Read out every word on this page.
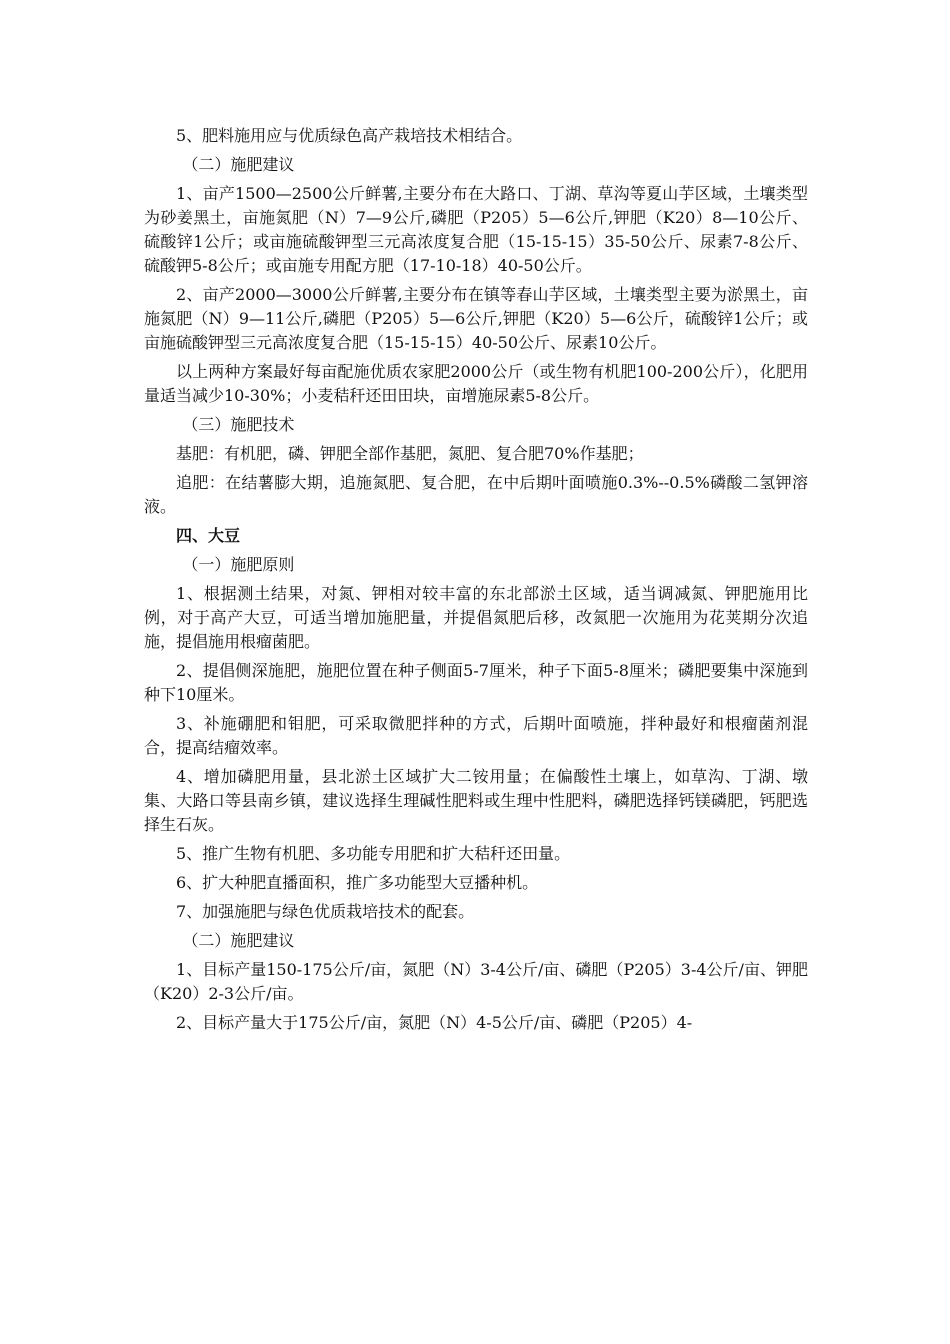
5、肥料施用应与优质绿色高产栽培技术相结合。

（二）施肥建议

1、亩产1500—2500公斤鲜薯,主要分布在大路口、丁湖、草沟等夏山芋区域，土壤类型为砂姜黑土，亩施氮肥（N）7—9公斤,磷肥（P205）5—6公斤,钾肥（K20）8—10公斤、硫酸锌1公斤；或亩施硫酸钾型三元高浓度复合肥（15-15-15）35-50公斤、尿素7-8公斤、硫酸钾5-8公斤；或亩施专用配方肥（17-10-18）40-50公斤。

2、亩产2000—3000公斤鲜薯,主要分布在镇等春山芋区域，土壤类型主要为淤黑土，亩施氮肥（N）9—11公斤,磷肥（P205）5—6公斤,钾肥（K20）5—6公斤，硫酸锌1公斤；或亩施硫酸钾型三元高浓度复合肥（15-15-15）40-50公斤、尿素10公斤。

以上两种方案最好每亩配施优质农家肥2000公斤（或生物有机肥100-200公斤），化肥用量适当减少10-30%；小麦秸秆还田田块，亩增施尿素5-8公斤。

（三）施肥技术

基肥：有机肥，磷、钾肥全部作基肥，氮肥、复合肥70%作基肥；

追肥：在结薯膨大期，追施氮肥、复合肥，在中后期叶面喷施0.3%--0.5%磷酸二氢钾溶液。

四、大豆

（一）施肥原则

1、根据测土结果，对氮、钾相对较丰富的东北部淤土区域，适当调减氮、钾肥施用比例，对于高产大豆，可适当增加施肥量，并提倡氮肥后移，改氮肥一次施用为花荚期分次追施，提倡施用根瘤菌肥。

2、提倡侧深施肥，施肥位置在种子侧面5-7厘米，种子下面5-8厘米；磷肥要集中深施到种下10厘米。

3、补施硼肥和钼肥，可采取微肥拌种的方式，后期叶面喷施，拌种最好和根瘤菌剂混合，提高结瘤效率。

4、增加磷肥用量，县北淤土区域扩大二铵用量；在偏酸性土壤上，如草沟、丁湖、墩集、大路口等县南乡镇，建议选择生理碱性肥料或生理中性肥料，磷肥选择钙镁磷肥，钙肥选择生石灰。

5、推广生物有机肥、多功能专用肥和扩大秸秆还田量。

6、扩大种肥直播面积，推广多功能型大豆播种机。

7、加强施肥与绿色优质栽培技术的配套。

（二）施肥建议

1、目标产量150-175公斤/亩，氮肥（N）3-4公斤/亩、磷肥（P205）3-4公斤/亩、钾肥（K20）2-3公斤/亩。

2、目标产量大于175公斤/亩，氮肥（N）4-5公斤/亩、磷肥（P205）4-
